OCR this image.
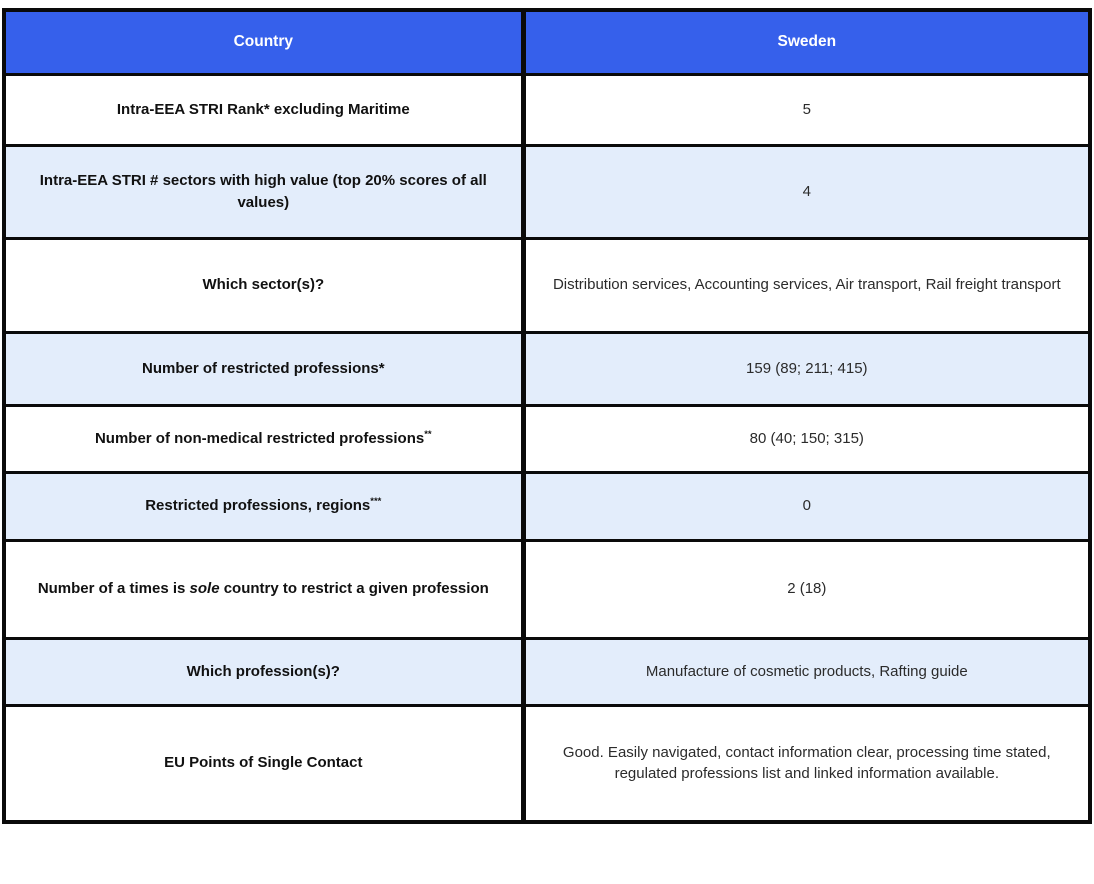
Country	Sweden
Intra-EEA STRI Rank* excluding Maritime	5
Intra-EEA STRI # sectors with high value (top 20% scores of all values)	4
Which sector(s)?	Distribution services, Accounting services, Air transport, Rail freight transport
Number of restricted professions*	159 (89; 211; 415)
Number of non-medical restricted professions**	80 (40; 150; 315)
Restricted professions, regions***	0
Number of a times is sole country to restrict a given profession	2 (18)
Which profession(s)?	Manufacture of cosmetic products, Rafting guide
EU Points of Single Contact	Good. Easily navigated, contact information clear, processing time stated, regulated professions list and linked information available.
